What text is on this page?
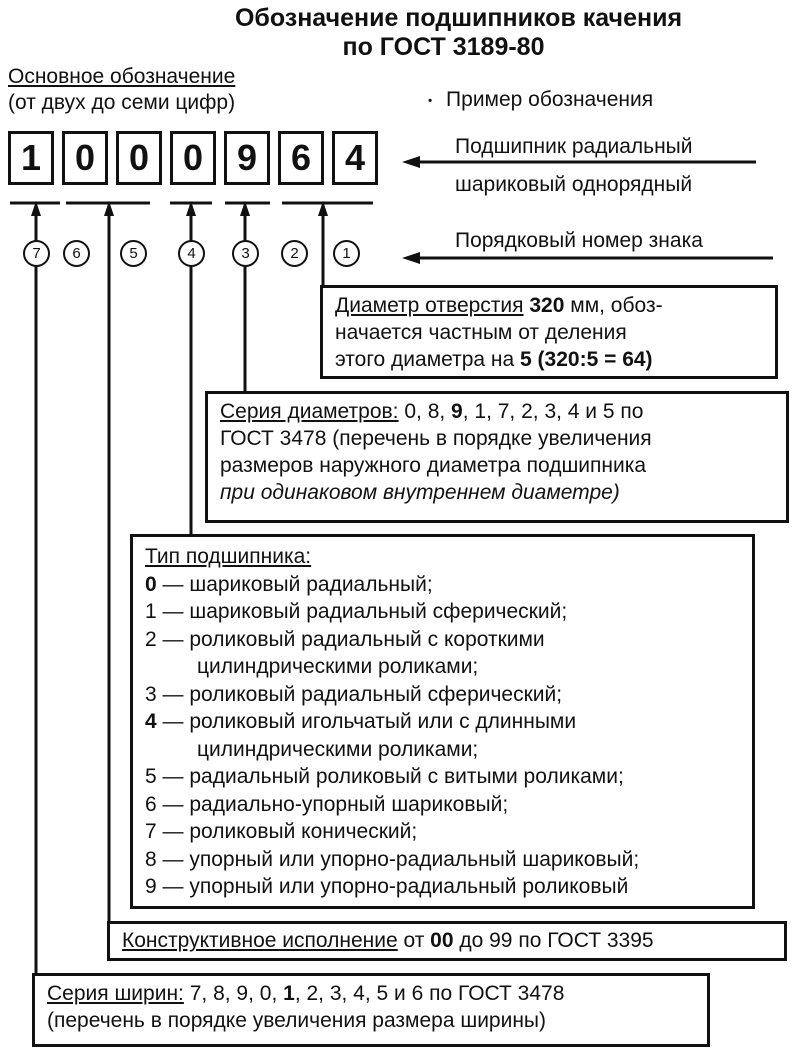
Обозначение подшипников качения
по ГОСТ 3189-80
Основное обозначение
(от двух до семи цифр)	• Пример обозначения
Подшипник радиальный
шариковый однорядный
1 0 0 0 9 6 4
Порядковый номер знака
7	6	5	4	3	2	1
Диаметр отверстия 320 мм, обоз-
начается частным от деления
этого диаметра на 5 (320:5 = 64)
Серия диаметров: 0, 8, 9, 1, 7, 2, 3, 4 и 5 по
ГОСТ 3478 (перечень в порядке увеличения
размеров наружного диаметра подшипника
при одинаковом внутреннем диаметре)
Тип подшипника:
0 — шариковый радиальный;
1 — шариковый радиальный сферический;
2 — роликовый радиальный с короткими
цилиндрическими роликами;
3 — роликовый радиальный сферический;
4 — роликовый игольчатый или с длинными
цилиндрическими роликами;
5 — радиальный роликовый с витыми роликами;
6 — радиально-упорный шариковый;
7 — роликовый конический;
8 — упорный или упорно-радиальный шариковый;
9 — упорный или упорно-радиальный роликовый
Конструктивное исполнение от 00 до 99 по ГОСТ 3395
Серия ширин: 7, 8, 9, 0, 1, 2, 3, 4, 5 и 6 по ГОСТ 3478
(перечень в порядке увеличения размера ширины)
